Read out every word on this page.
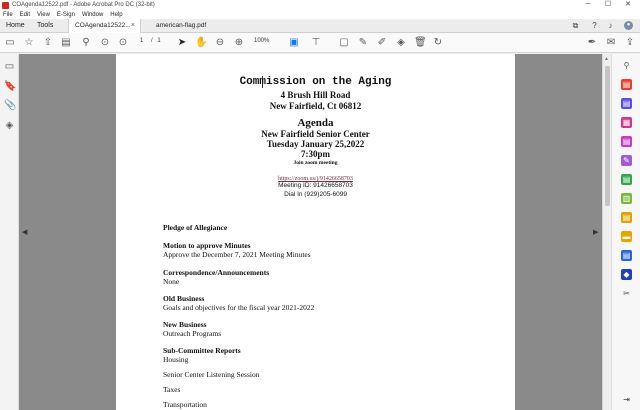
COAgenda12522.pdf - Adobe Acrobat Pro DC (32-bit)	─	☐	✕
File Edit View E-Sign Window Help
Home Tools	COAgenda12522... ×	american-flag.pdf	⧉ ?	♪	●
▭ ☆ ⇧ ▤ ⚲ ⊙ ⊙	1 / 1 ➤ ✋ ⊖ ⊕	100%	▣ ⊤ ▢ ✎ ✐ ◈ 🗑 ↻	✒ ✉ ⇪
▭
🔖
📎
◈
◀	▶
Commission on the Aging
4 Brush Hill Road
New Fairfield, Ct 06812
Agenda
New Fairfield Senior Center
Tuesday January 25,2022
7:30pm
Join zoom meeting
https://zoom.us/j/91426658703
Meeting ID: 91426658703
Dial In (929)205-6099
Pledge of Allegiance
Motion to approve Minutes
Approve the December 7, 2021 Meeting Minutes
Correspondence/Announcements
None
Old Business
Goals and objectives for the fiscal year 2021-2022
New Business
Outreach Programs
Sub-Committee Reports
Housing
Senior Center Listening Session
Taxes
Transportation
▲
⚲
▤
▤
▦
▤
✎
▤
▥
▤
▬
▤
◆
✂
⇥
